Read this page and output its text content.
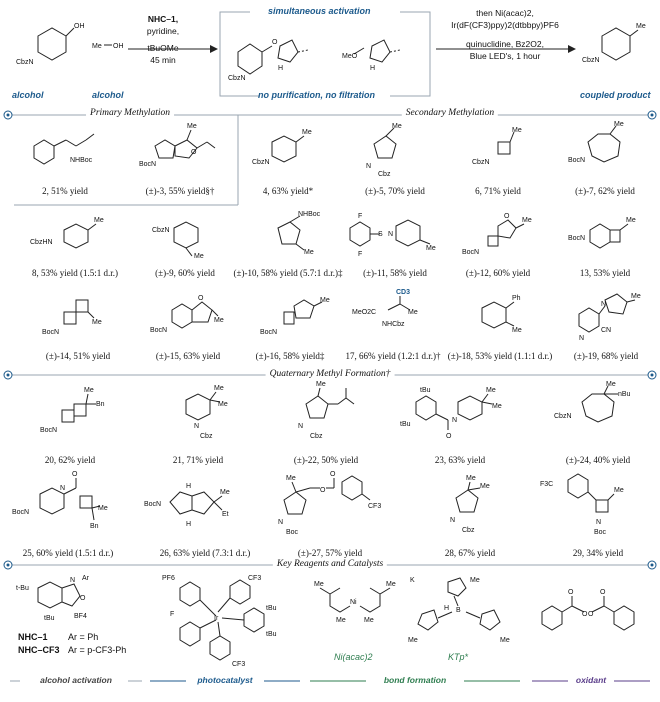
OH
CbzN
alcohol
Me OH
alcohol
NHC–1,
pyridine,
tBuOMe
45 min
simultaneous activation
no purification, no filtration
O
H
CbzN
MeO
H
then Ni(acac)2,
Ir(dF(CF3)ppy)2(dtbbpy)PF6
quinuclidine, Bz2O2,
Blue LED's, 1 hour
Me
CbzN
coupled product
Primary Methylation	Secondary Methylation
NHBoc
2, 51% yield
Me
O
BocN
(±)-3, 55% yield§†
Me
CbzN
4, 63% yield*
Me
N
Cbz
(±)-5, 70% yield
Me
CbzN
6, 71% yield
Me
BocN
(±)-7, 62% yield
Me
CbzHN
8, 53% yield (1.5:1 d.r.)
CbzN
Me
(±)-9, 60% yield
NHBoc
Me
(±)-10, 58% yield (5.7:1 d.r.)‡
F
F
S N
Me
(±)-11, 58% yield
O
Me
BocN
(±)-12, 60% yield
Me
BocN
13, 53% yield
Me
BocN
(±)-14, 51% yield
O
Me
BocN
(±)-15, 63% yield
Me
BocN
(±)-16, 58% yield‡
CD3
MeO2C	Me
NHCbz
17, 66% yield (1.2:1 d.r.)†
Ph
Me
(±)-18, 53% yield (1.1:1 d.r.)
N
N
CN
Me
(±)-19, 68% yield
Quaternary Methyl Formation†
Me
Bn
BocN
20, 62% yield
Me
Me
N
Cbz
21, 71% yield
Me
N
Cbz
(±)-22, 50% yield
tBu
tBu
O
N
Me
Me
23, 63% yield
Me
nBu
CbzN
(±)-24, 40% yield
O
N
Me
Bn
BocN
25, 60% yield (1.5:1 d.r.)
H
H
Me
Et
BocN
26, 63% yield (7.3:1 d.r.)
Me
O
O
CF3
N
Boc
(±)-27, 57% yield
Me
Me
N
Cbz
28, 67% yield
F3C
Me
N
Boc
29, 34% yield
Key Reagents and Catalysts
t-Bu
tBu
N Ar
O
BF4
NHC–1 Ar = Ph
NHC–CF3 Ar = p-CF3-Ph
PF6	CF3
F
Ir
tBu
tBu
CF3
Me	Me
Ni
Me	Me
Ni(acac)2
K
B
H
Me
Me	Me
KTp*
O
O O
O
alcohol activation	photocatalyst	bond formation	oxidant
